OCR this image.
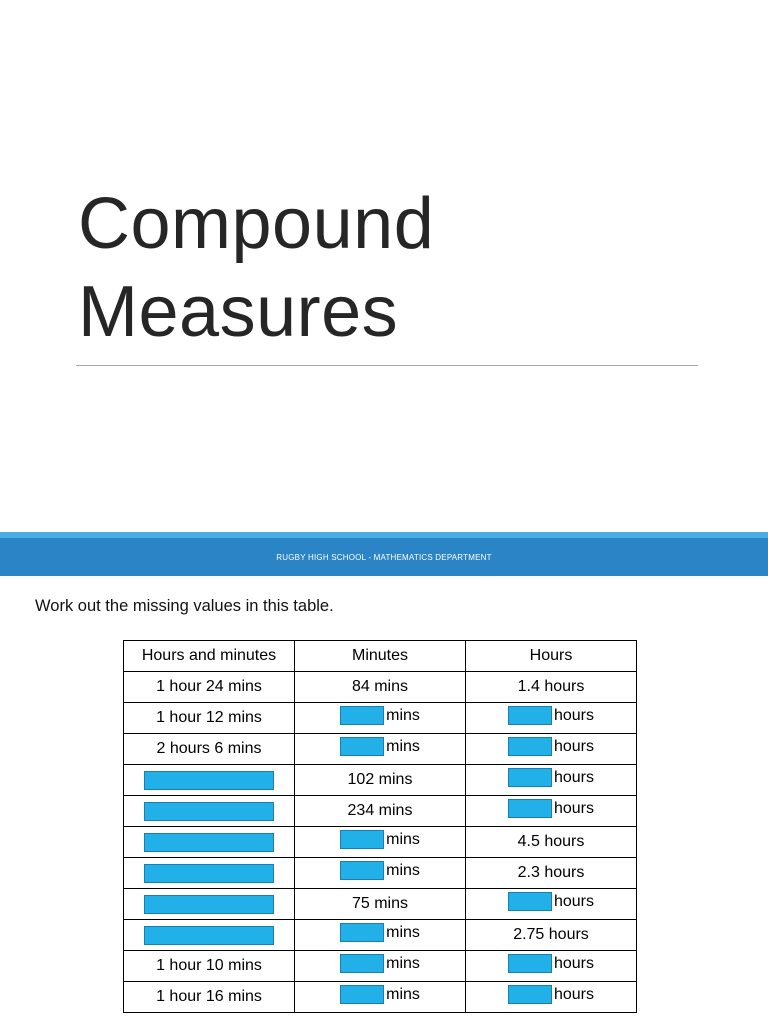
Compound
Measures
RUGBY HIGH SCHOOL - MATHEMATICS DEPARTMENT

Work out the missing values in this table.

Hours and minutes	Minutes	Hours
1 hour 24 mins	84 mins	1.4 hours
1 hour 12 mins	mins	hours

2 hours 6 mins	mins	hours

	102 mins	hours

	234 mins	hours

	mins	4.5 hours

	mins	2.3 hours
	75 mins	hours

	mins	2.75 hours
1 hour 10 mins	mins	hours

1 hour 16 mins	mins	hours
